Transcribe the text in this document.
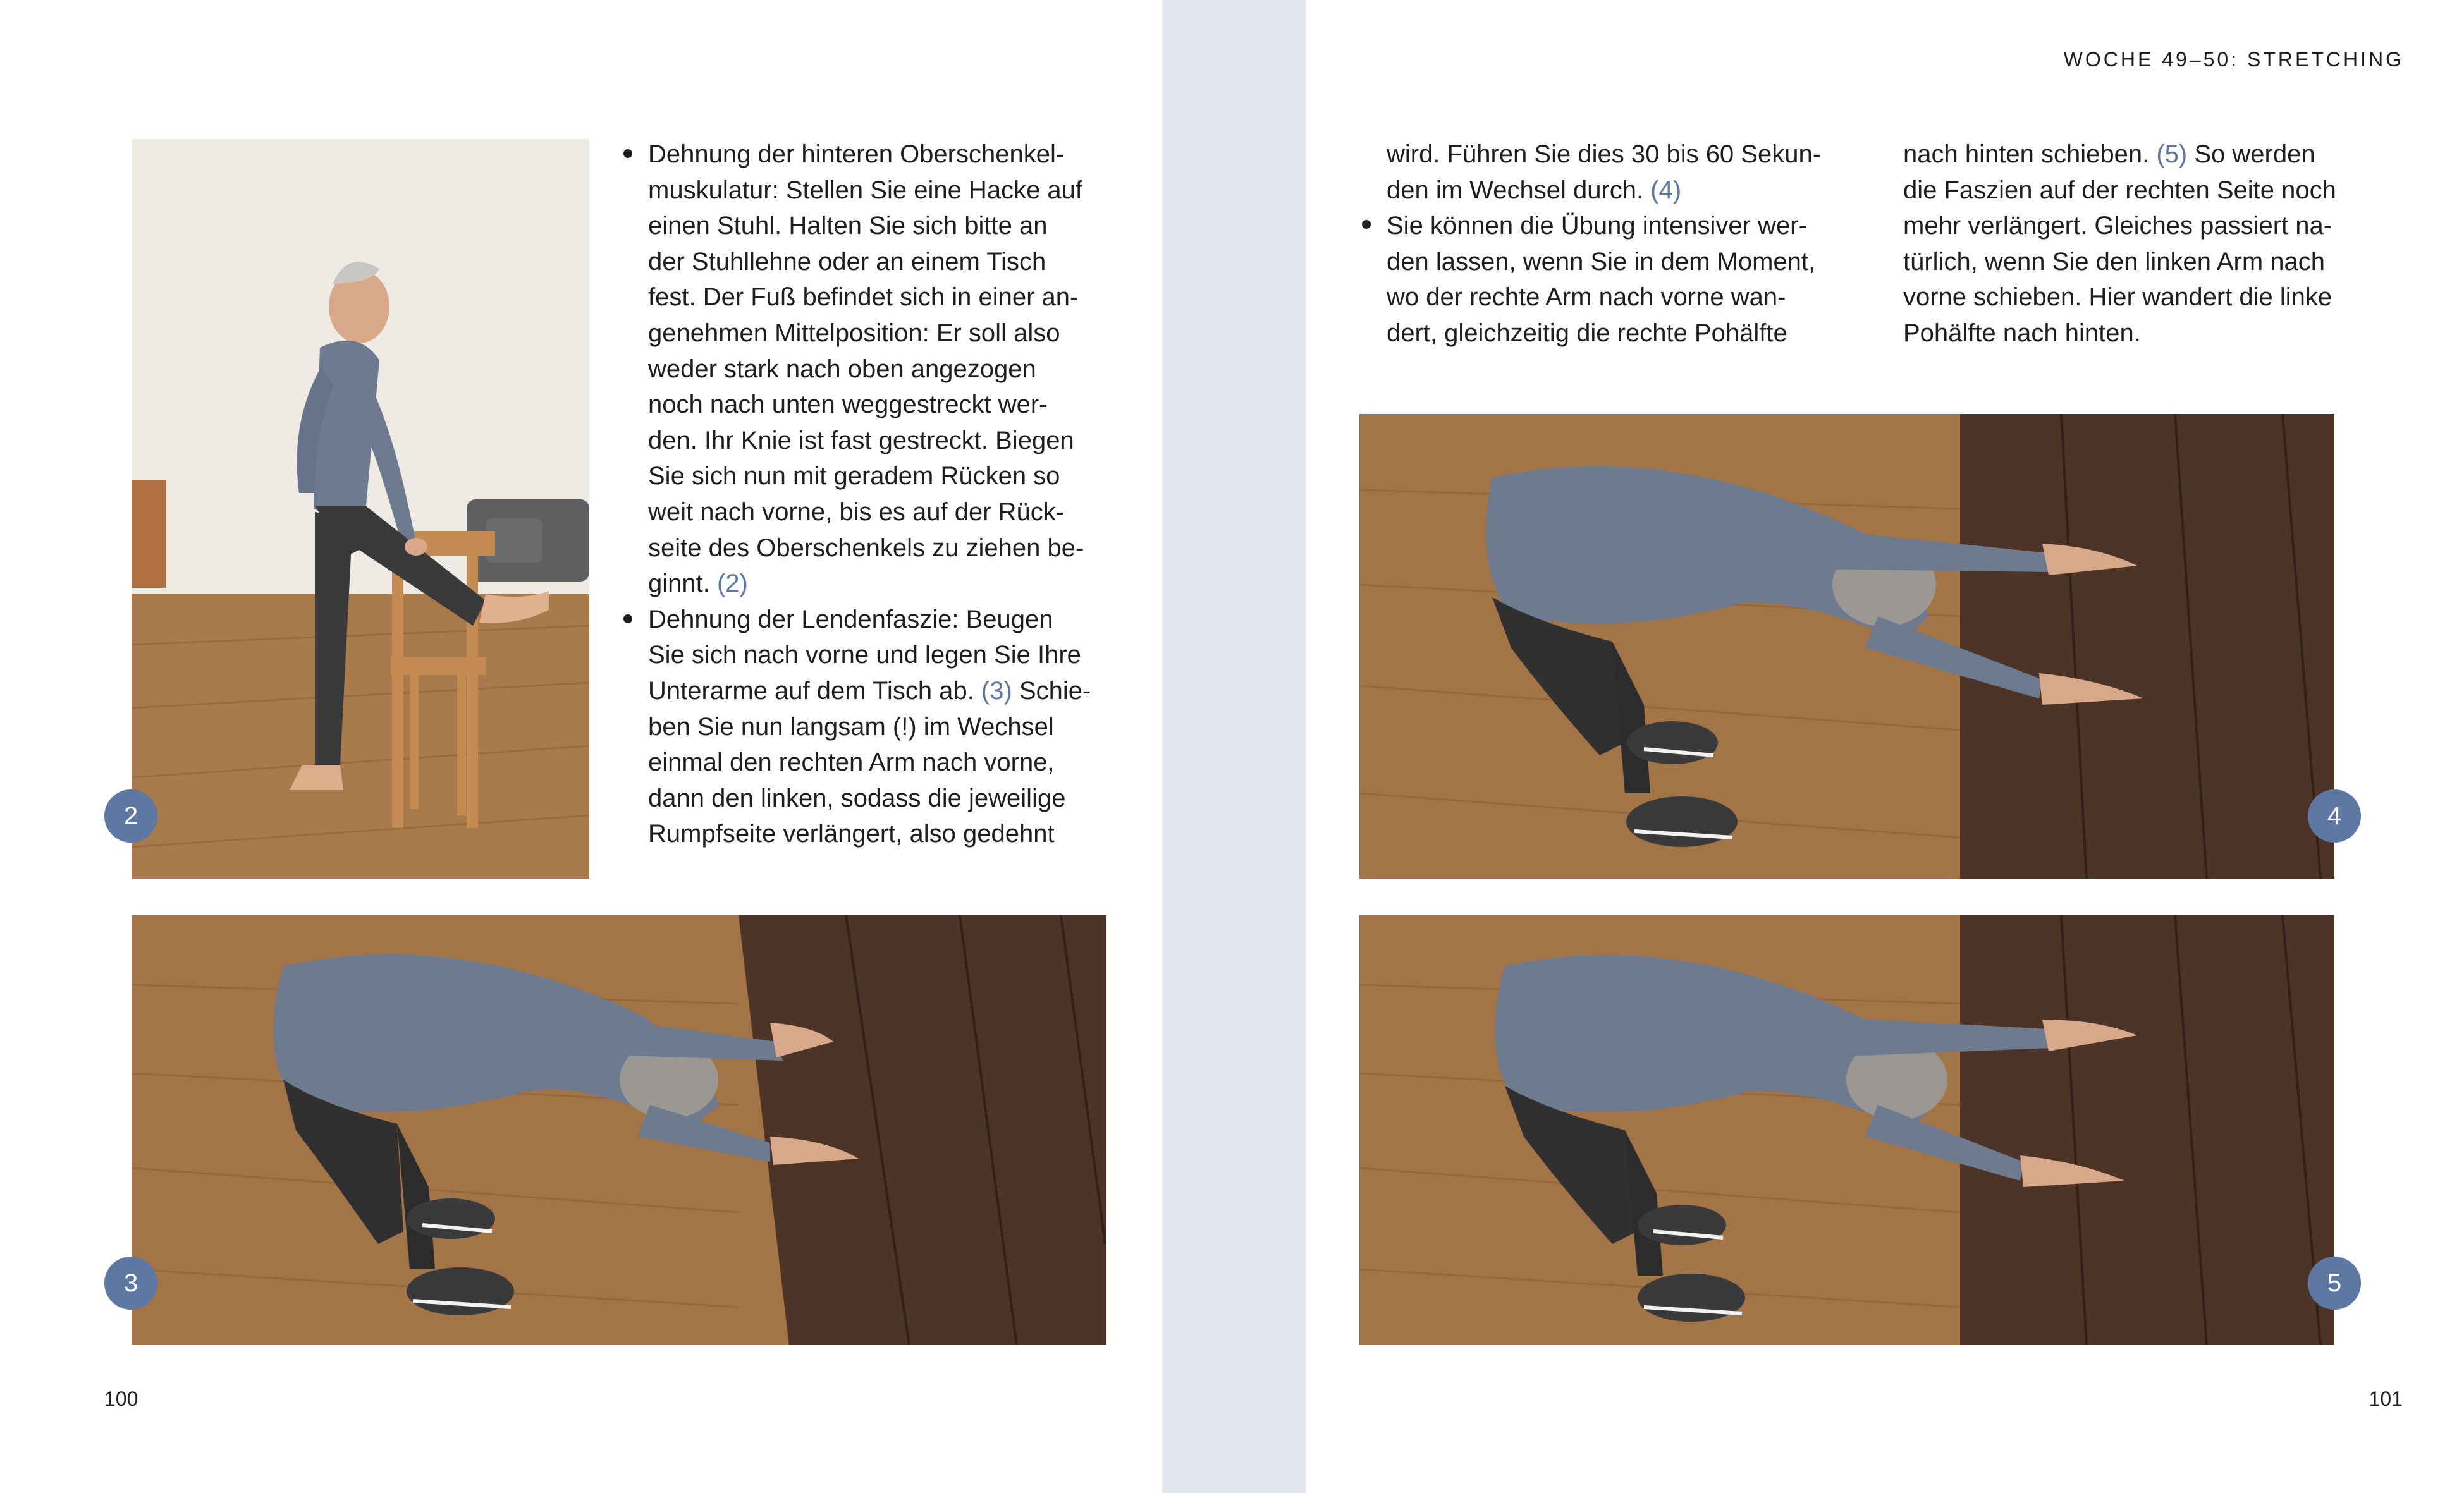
2
3
Dehnung der hinteren Oberschenkel-
muskulatur: Stellen Sie eine Hacke auf
einen Stuhl. Halten Sie sich bitte an
der Stuhllehne oder an einem Tisch
fest. Der Fuß befindet sich in einer an-
genehmen Mittelposition: Er soll also
weder stark nach oben angezogen
noch nach unten weggestreckt wer-
den. Ihr Knie ist fast gestreckt. Biegen
Sie sich nun mit geradem Rücken so
weit nach vorne, bis es auf der Rück-
seite des Oberschenkels zu ziehen be-
ginnt. (2)
Dehnung der Lendenfaszie: Beugen
Sie sich nach vorne und legen Sie Ihre
Unterarme auf dem Tisch ab. (3) Schie-
ben Sie nun langsam (!) im Wechsel
einmal den rechten Arm nach vorne,
dann den linken, sodass die jeweilige
Rumpfseite verlängert, also gedehnt
100
WOCHE 49–50: STRETCHING
wird. Führen Sie dies 30 bis 60 Sekun-
den im Wechsel durch. (4)
Sie können die Übung intensiver wer-
den lassen, wenn Sie in dem Moment,
wo der rechte Arm nach vorne wan-
dert, gleichzeitig die rechte Pohälfte
nach hinten schieben. (5) So werden
die Faszien auf der rechten Seite noch
mehr verlängert. Gleiches passiert na-
türlich, wenn Sie den linken Arm nach
vorne schieben. Hier wandert die linke
Pohälfte nach hinten.
4
5
101
